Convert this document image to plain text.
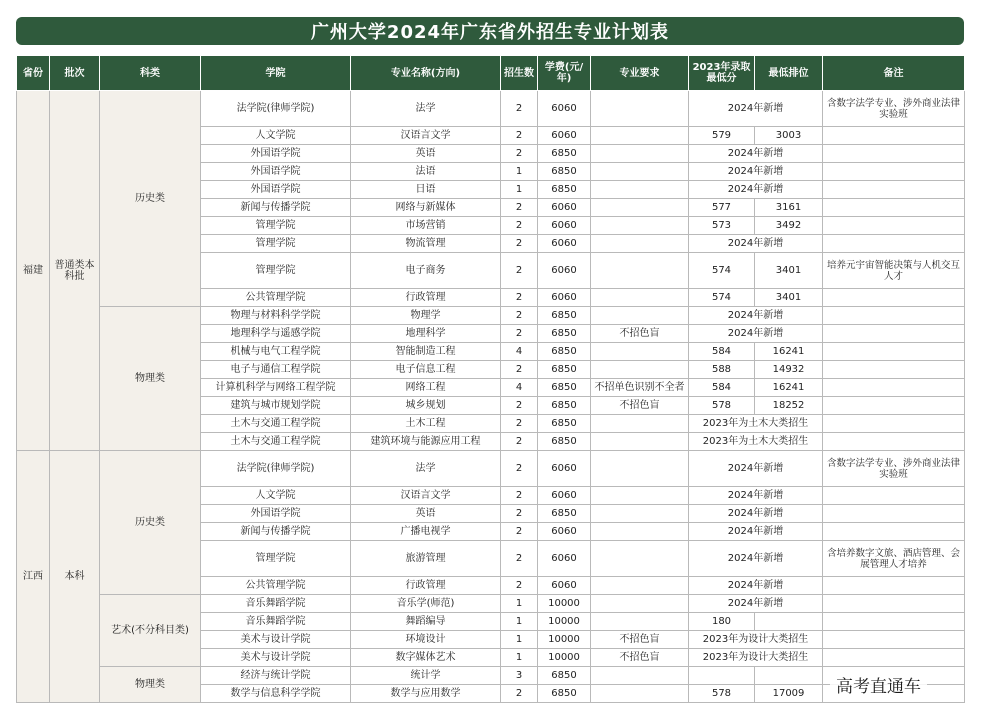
广州大学2024年广东省外招生专业计划表
省份	批次	科类	学院	专业名称(方向)	招生数	学费(元/年)	专业要求	2023年录取最低分	最低排位	备注
福建	普通类本科批	历史类	法学院(律师学院)	法学	2	6060		2024年新增		含数字法学专业、涉外商业法律实验班
			人文学院	汉语言文学	2	6060		579	3003	
			外国语学院	英语	2	6850		2024年新增		
			外国语学院	法语	1	6850		2024年新增		
			外国语学院	日语	1	6850		2024年新增		
			新闻与传播学院	网络与新媒体	2	6060		577	3161	
			管理学院	市场营销	2	6060		573	3492	
			管理学院	物流管理	2	6060		2024年新增		
			管理学院	电子商务	2	6060		574	3401	培养元宇宙智能决策与人机交互人才
			公共管理学院	行政管理	2	6060		574	3401	
		物理类	物理与材料科学学院	物理学	2	6850		2024年新增		
			地理科学与遥感学院	地理科学	2	6850	不招色盲	2024年新增		
			机械与电气工程学院	智能制造工程	4	6850		584	16241	
			电子与通信工程学院	电子信息工程	2	6850		588	14932	
			计算机科学与网络工程学院	网络工程	4	6850	不招单色识别不全者	584	16241	
			建筑与城市规划学院	城乡规划	2	6850	不招色盲	578	18252	
			土木与交通工程学院	土木工程	2	6850		2023年为土木大类招生		
			土木与交通工程学院	建筑环境与能源应用工程	2	6850		2023年为土木大类招生		
江西	本科	历史类	法学院(律师学院)	法学	2	6060		2024年新增		含数字法学专业、涉外商业法律实验班
			人文学院	汉语言文学	2	6060		2024年新增		
			外国语学院	英语	2	6850		2024年新增		
			新闻与传播学院	广播电视学	2	6060		2024年新增		
			管理学院	旅游管理	2	6060		2024年新增		含培养数字文旅、酒店管理、会展管理人才培养
			公共管理学院	行政管理	2	6060		2024年新增		
		艺术(不分科目类)	音乐舞蹈学院	音乐学(师范)	1	10000		2024年新增		
			音乐舞蹈学院	舞蹈编导	1	10000		180		
			美术与设计学院	环境设计	1	10000	不招色盲	2023年为设计大类招生		
			美术与设计学院	数字媒体艺术	1	10000	不招色盲	2023年为设计大类招生		
		物理类	经济与统计学院	统计学	3	6850				
			数学与信息科学学院	数学与应用数学	2	6850		578	17009		高考直通车
